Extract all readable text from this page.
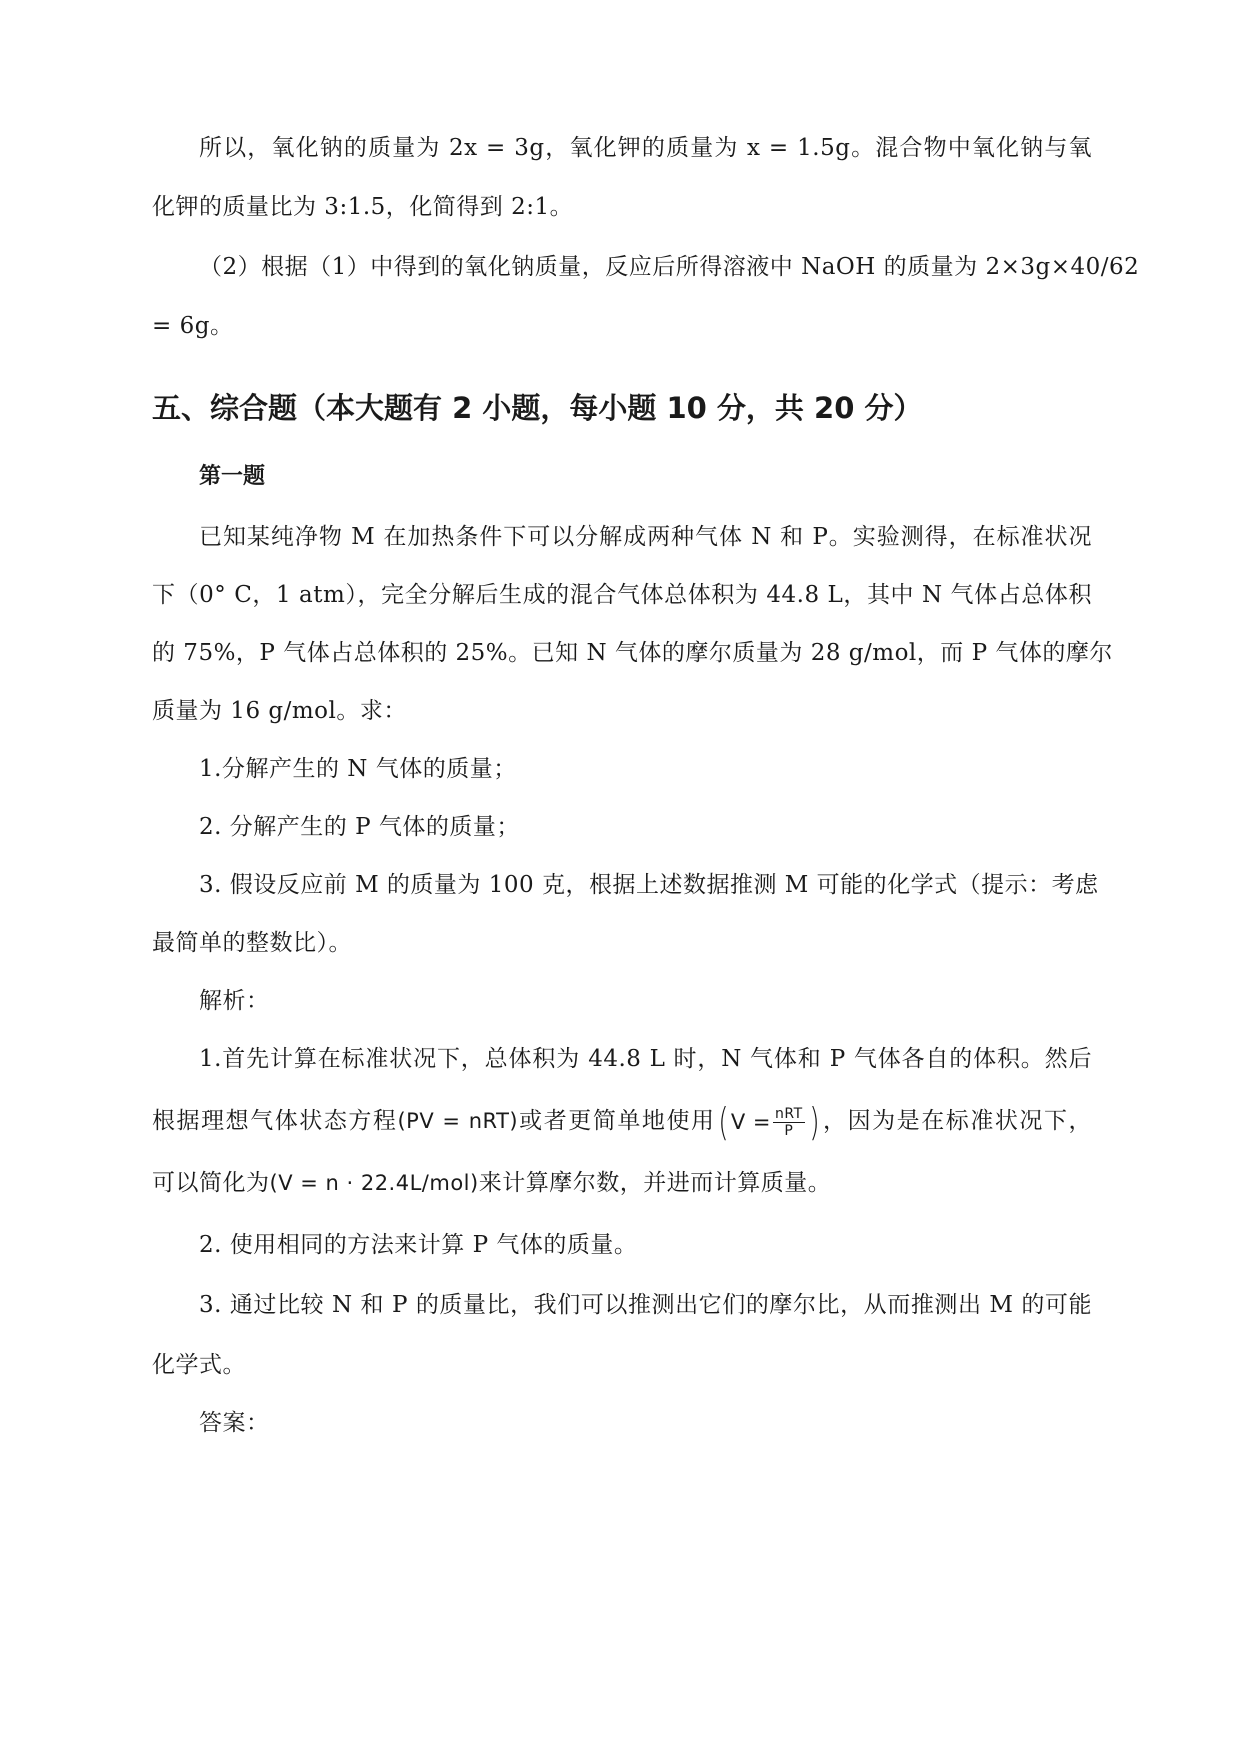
所以，氧化钠的质量为 2x = 3g，氧化钾的质量为 x = 1.5g。混合物中氧化钠与氧
化钾的质量比为 3:1.5，化简得到 2:1。
（2）根据（1）中得到的氧化钠质量，反应后所得溶液中 NaOH 的质量为 2×3g×40/62
= 6g。
五、综合题（本大题有 2 小题，每小题 10 分，共 20 分）
第一题
已知某纯净物 M 在加热条件下可以分解成两种气体 N 和 P。实验测得，在标准状况
下（0° C，1 atm），完全分解后生成的混合气体总体积为 44.8 L，其中 N 气体占总体积
的 75%，P 气体占总体积的 25%。已知 N 气体的摩尔质量为 28 g/mol，而 P 气体的摩尔
质量为 16 g/mol。求：
1.分解产生的 N 气体的质量；
2. 分解产生的 P 气体的质量；
3. 假设反应前 M 的质量为 100 克，根据上述数据推测 M 可能的化学式（提示：考虑
最简单的整数比）。
解析：
1.首先计算在标准状况下，总体积为 44.8 L 时，N 气体和 P 气体各自的体积。然后
根据理想气体状态方程(PV = nRT)或者更简单地使用 ( $V = \frac{\text{nRT}}{P}$ ) ，因为是在标准状况下，
可以简化为(V = n · 22.4L/mol)来计算摩尔数，并进而计算质量。
2. 使用相同的方法来计算 P 气体的质量。
3. 通过比较 N 和 P 的质量比，我们可以推测出它们的摩尔比，从而推测出 M 的可能
化学式。
答案：
